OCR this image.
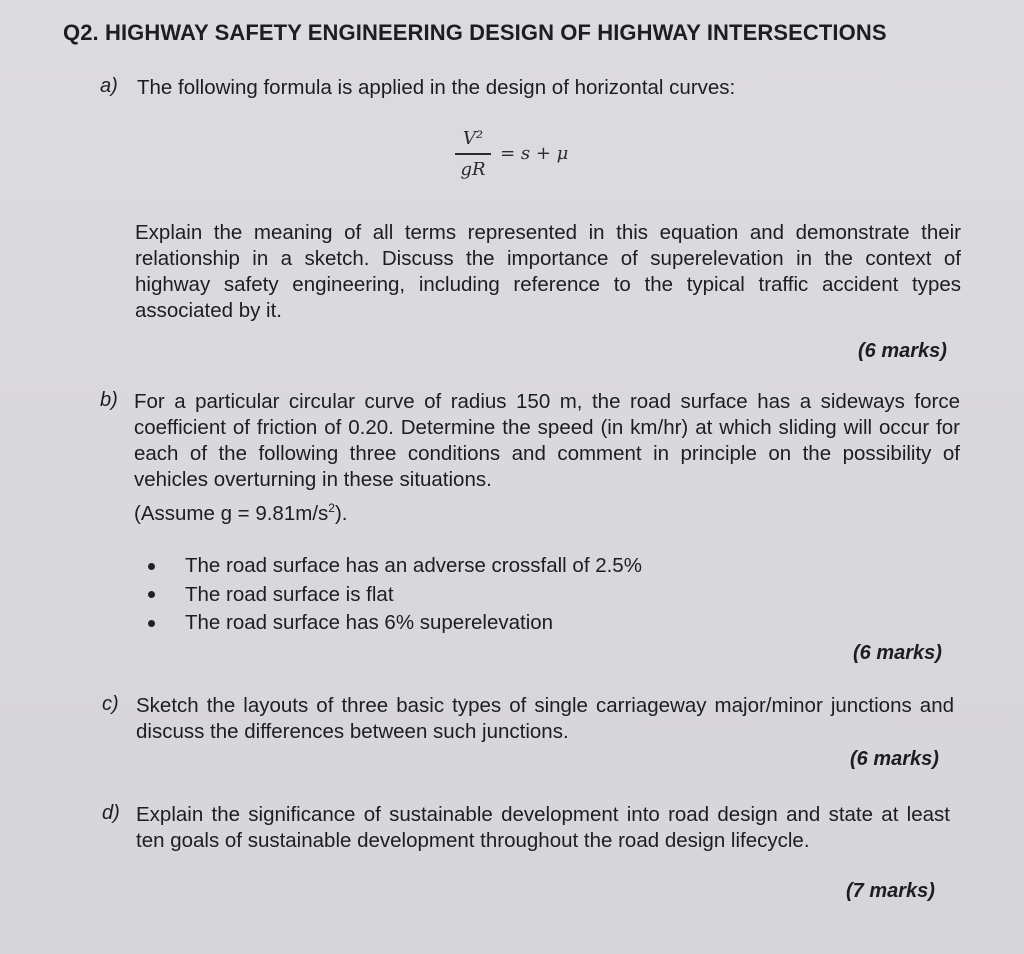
Q2. HIGHWAY SAFETY ENGINEERING DESIGN OF HIGHWAY INTERSECTIONS
a) The following formula is applied in the design of horizontal curves:
$\frac{\text{V²}}{gR} = s + \mu$
Explain the meaning of all terms represented in this equation and demonstrate their relationship in a sketch. Discuss the importance of superelevation in the context of highway safety engineering, including reference to the typical traffic accident types associated by it.
(6 marks)
b) For a particular circular curve of radius 150 m, the road surface has a sideways force coefficient of friction of 0.20. Determine the speed (in km/hr) at which sliding will occur for each of the following three conditions and comment in principle on the possibility of vehicles overturning in these situations.
(Assume $g = 9.81m/s^2$).
The road surface has an adverse crossfall of 2.5%
The road surface is flat
The road surface has 6% superelevation
(6 marks)
c) Sketch the layouts of three basic types of single carriageway major/minor junctions and discuss the differences between such junctions.
(6 marks)
d) Explain the significance of sustainable development into road design and state at least ten goals of sustainable development throughout the road design lifecycle.
(7 marks)
